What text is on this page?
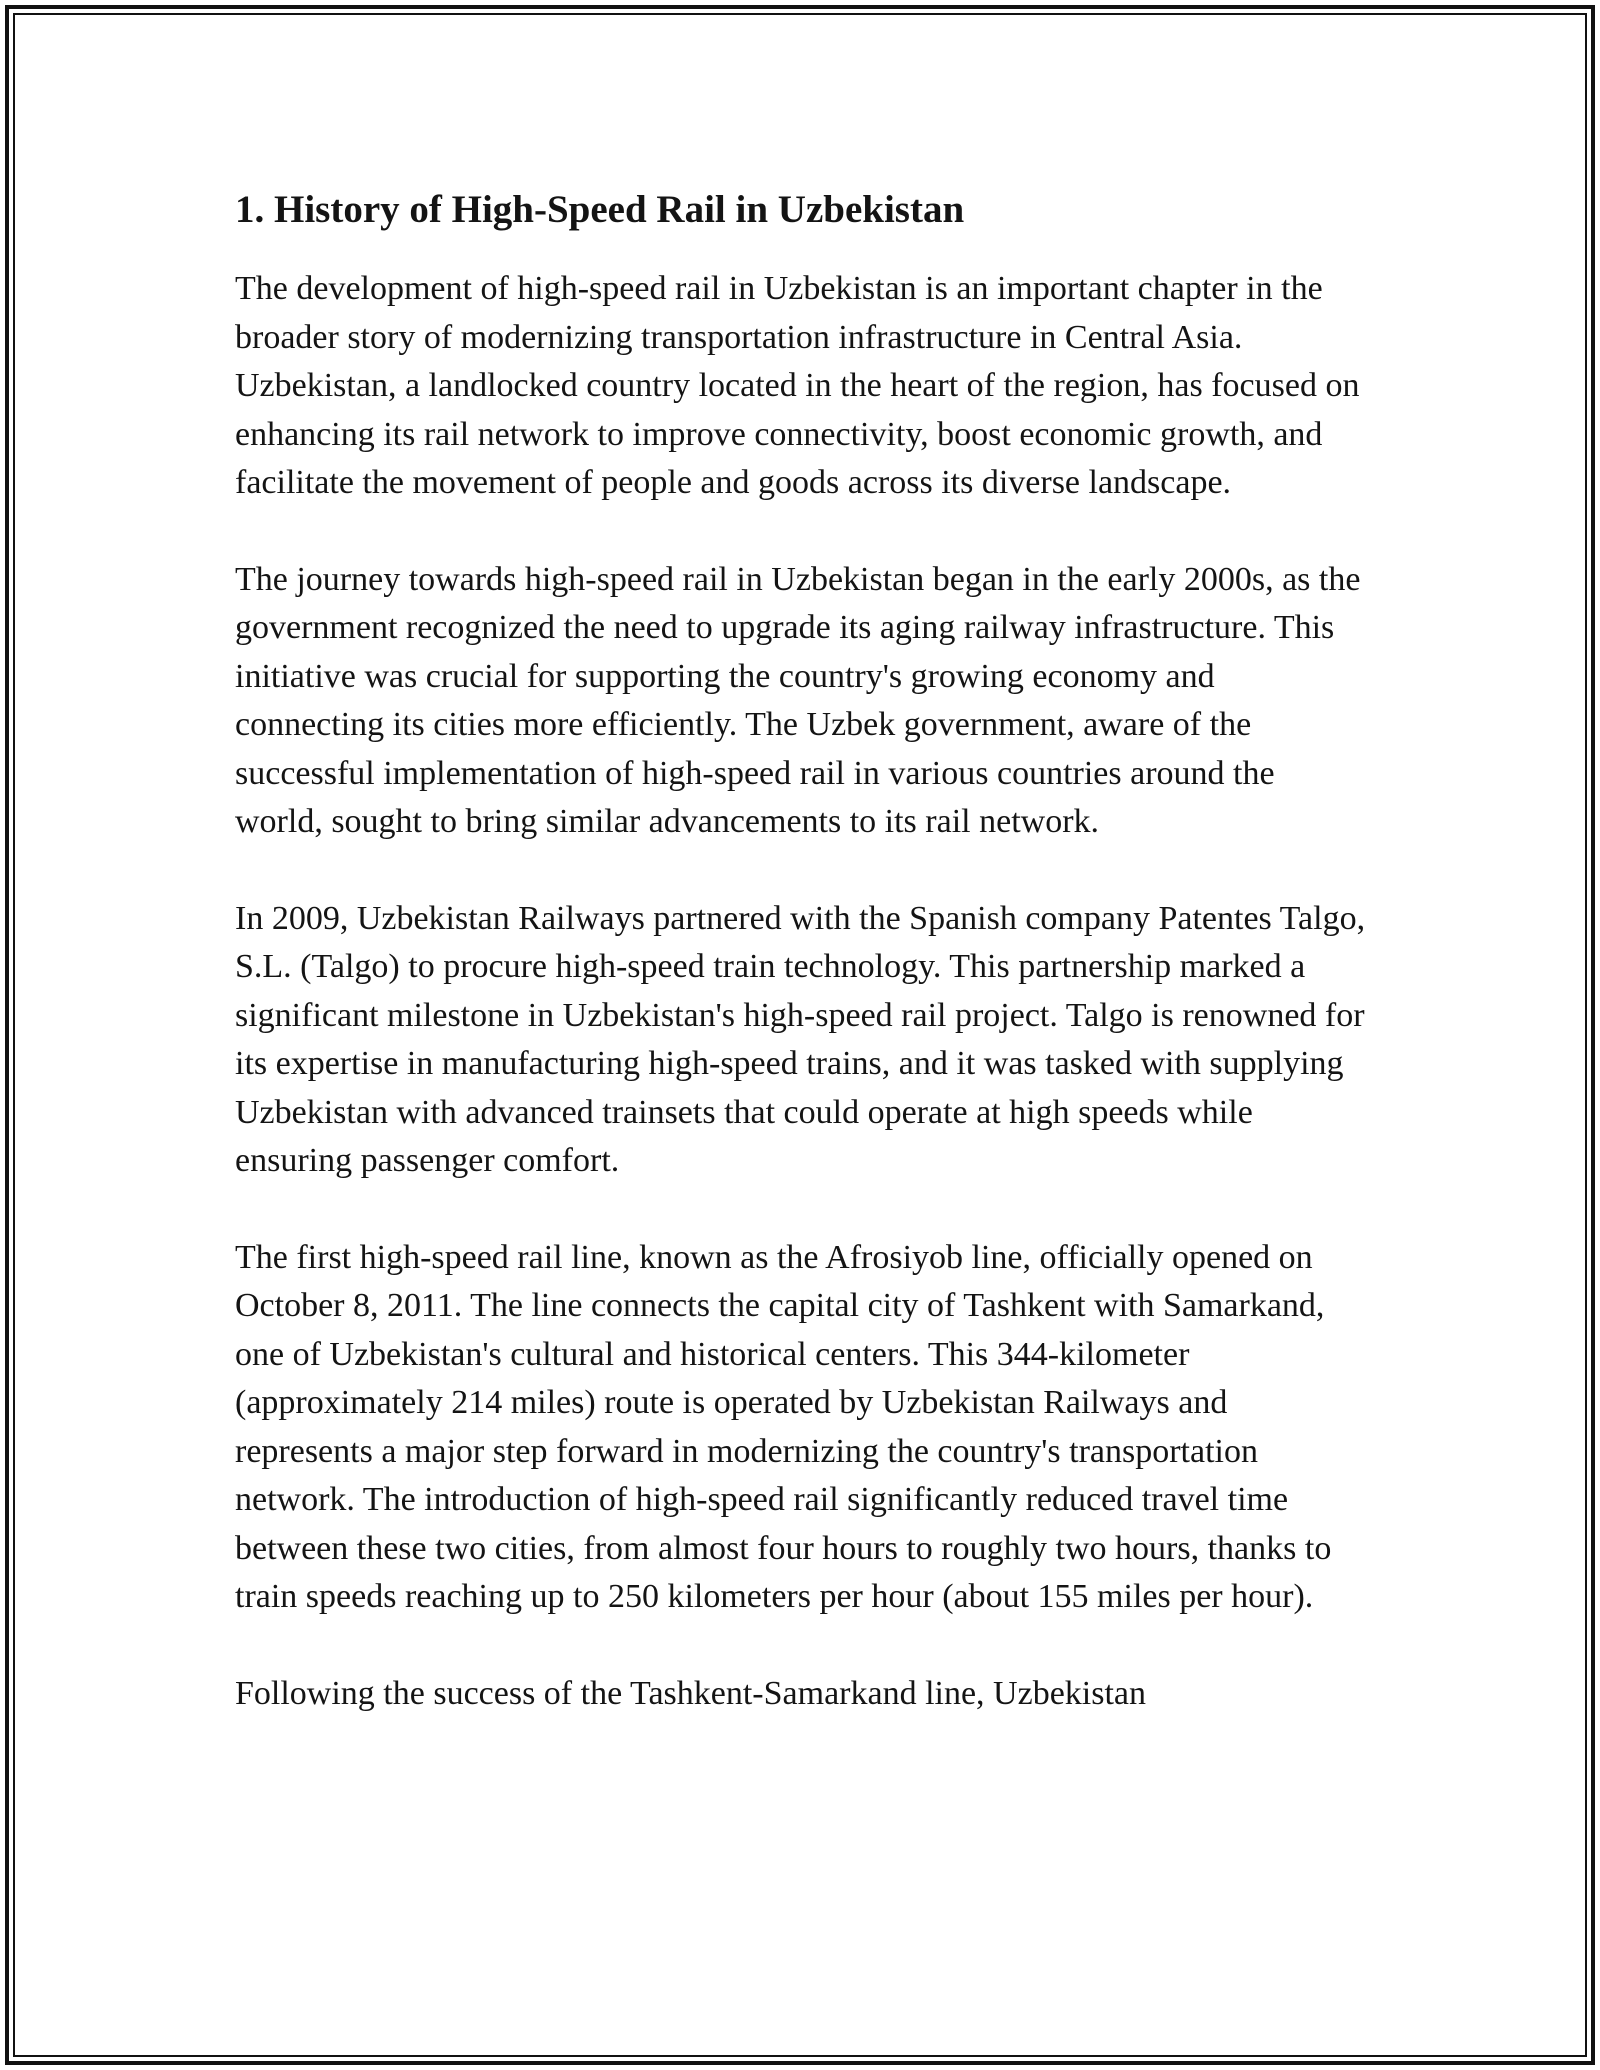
1. History of High-Speed Rail in Uzbekistan

The development of high-speed rail in Uzbekistan is an important chapter in the broader story of modernizing transportation infrastructure in Central Asia. Uzbekistan, a landlocked country located in the heart of the region, has focused on enhancing its rail network to improve connectivity, boost economic growth, and facilitate the movement of people and goods across its diverse landscape.

The journey towards high-speed rail in Uzbekistan began in the early 2000s, as the government recognized the need to upgrade its aging railway infrastructure. This initiative was crucial for supporting the country's growing economy and connecting its cities more efficiently. The Uzbek government, aware of the successful implementation of high-speed rail in various countries around the world, sought to bring similar advancements to its rail network.

In 2009, Uzbekistan Railways partnered with the Spanish company Patentes Talgo, S.L. (Talgo) to procure high-speed train technology. This partnership marked a significant milestone in Uzbekistan's high-speed rail project. Talgo is renowned for its expertise in manufacturing high-speed trains, and it was tasked with supplying Uzbekistan with advanced trainsets that could operate at high speeds while ensuring passenger comfort.

The first high-speed rail line, known as the Afrosiyob line, officially opened on October 8, 2011. The line connects the capital city of Tashkent with Samarkand, one of Uzbekistan's cultural and historical centers. This 344-kilometer (approximately 214 miles) route is operated by Uzbekistan Railways and represents a major step forward in modernizing the country's transportation network. The introduction of high-speed rail significantly reduced travel time between these two cities, from almost four hours to roughly two hours, thanks to train speeds reaching up to 250 kilometers per hour (about 155 miles per hour).

Following the success of the Tashkent-Samarkand line, Uzbekistan
